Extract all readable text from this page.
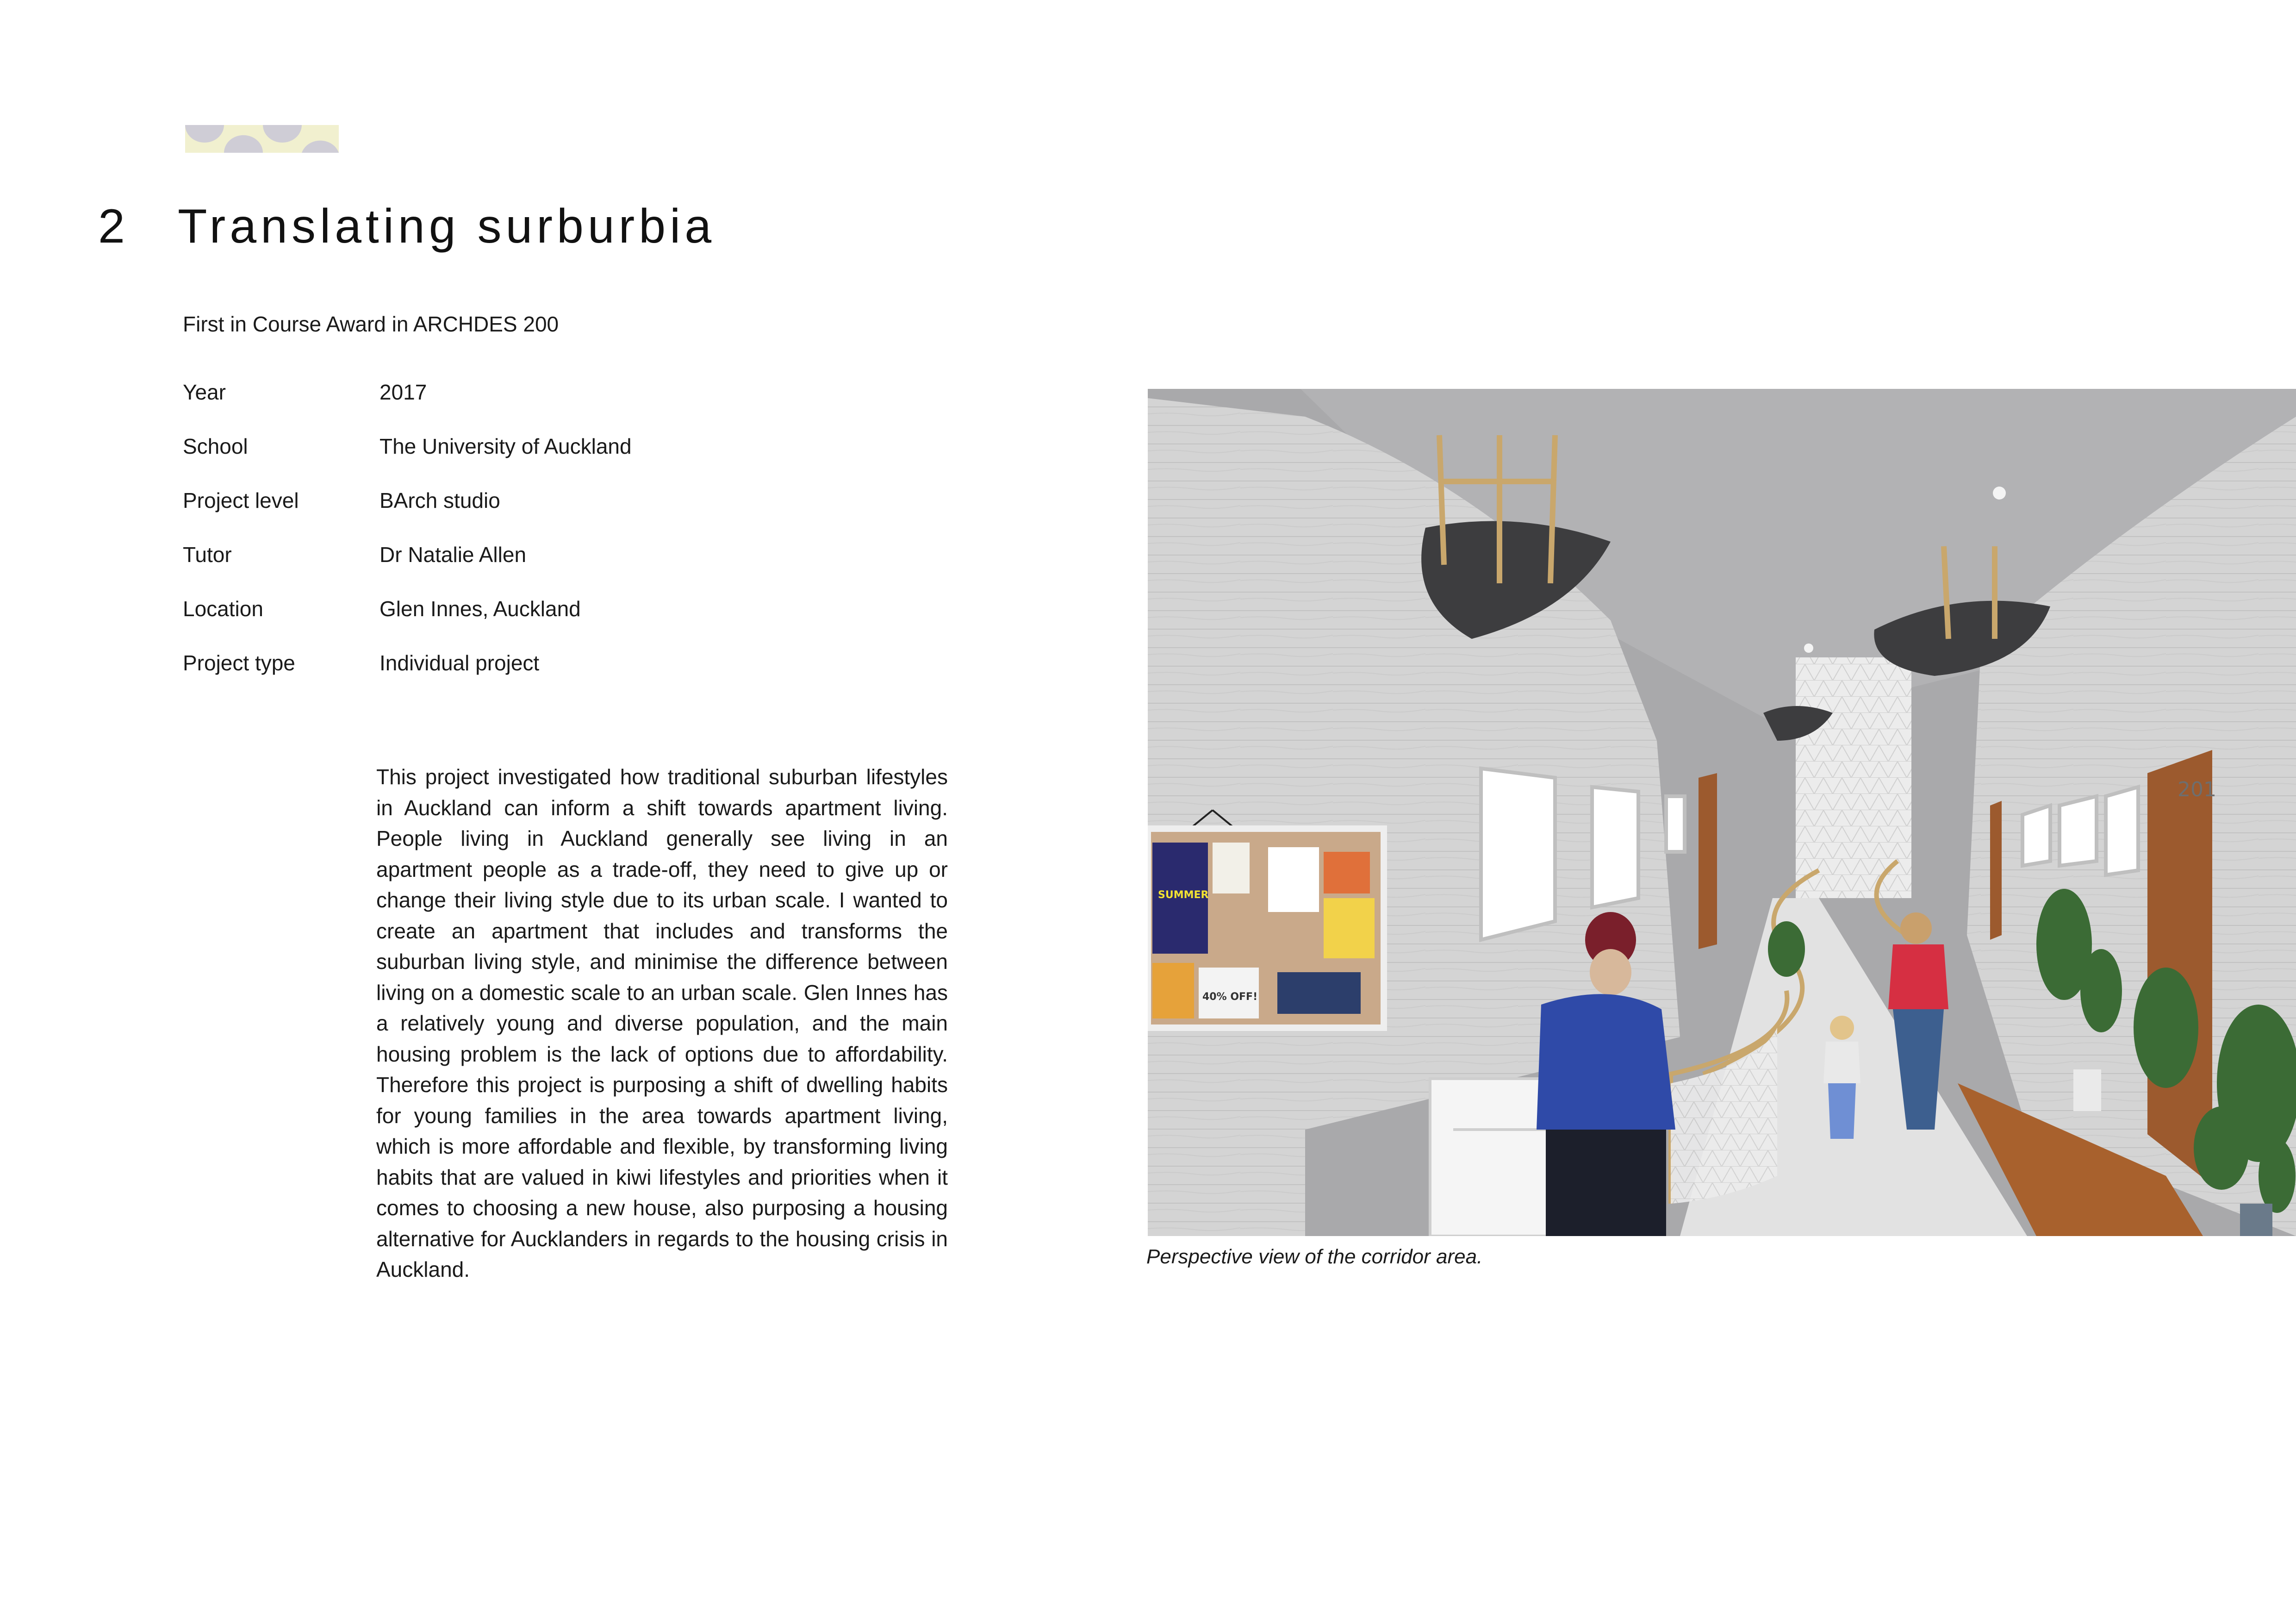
2 Translating surburbia

First in Course Award in ARCHDES 200

Year	2017
School	The University of Auckland
Project level	BArch studio
Tutor	Dr Natalie Allen
Location	Glen Innes, Auckland
Project type	Individual project

This project investigated how traditional suburban lifestyles in Auckland can inform a shift towards apartment living. People living in Auckland generally see living in an apartment people as a trade-off, they need to give up or change their living style due to its urban scale. I wanted to create an apartment that includes and transforms the suburban living style, and minimise the difference between living on a domestic scale to an urban scale. Glen Innes has a relatively young and diverse population, and the main housing problem is the lack of options due to affordability. Therefore this project is purposing a shift of dwelling habits for young families in the area towards apartment living, which is more affordable and flexible, by transforming living habits that are valued in kiwi lifestyles and priorities when it comes to choosing a new house, also purposing a housing alternative for Aucklanders in regards to the housing crisis in Auckland.

201
SUMMER
40% OFF!

Perspective view of the corridor area.
